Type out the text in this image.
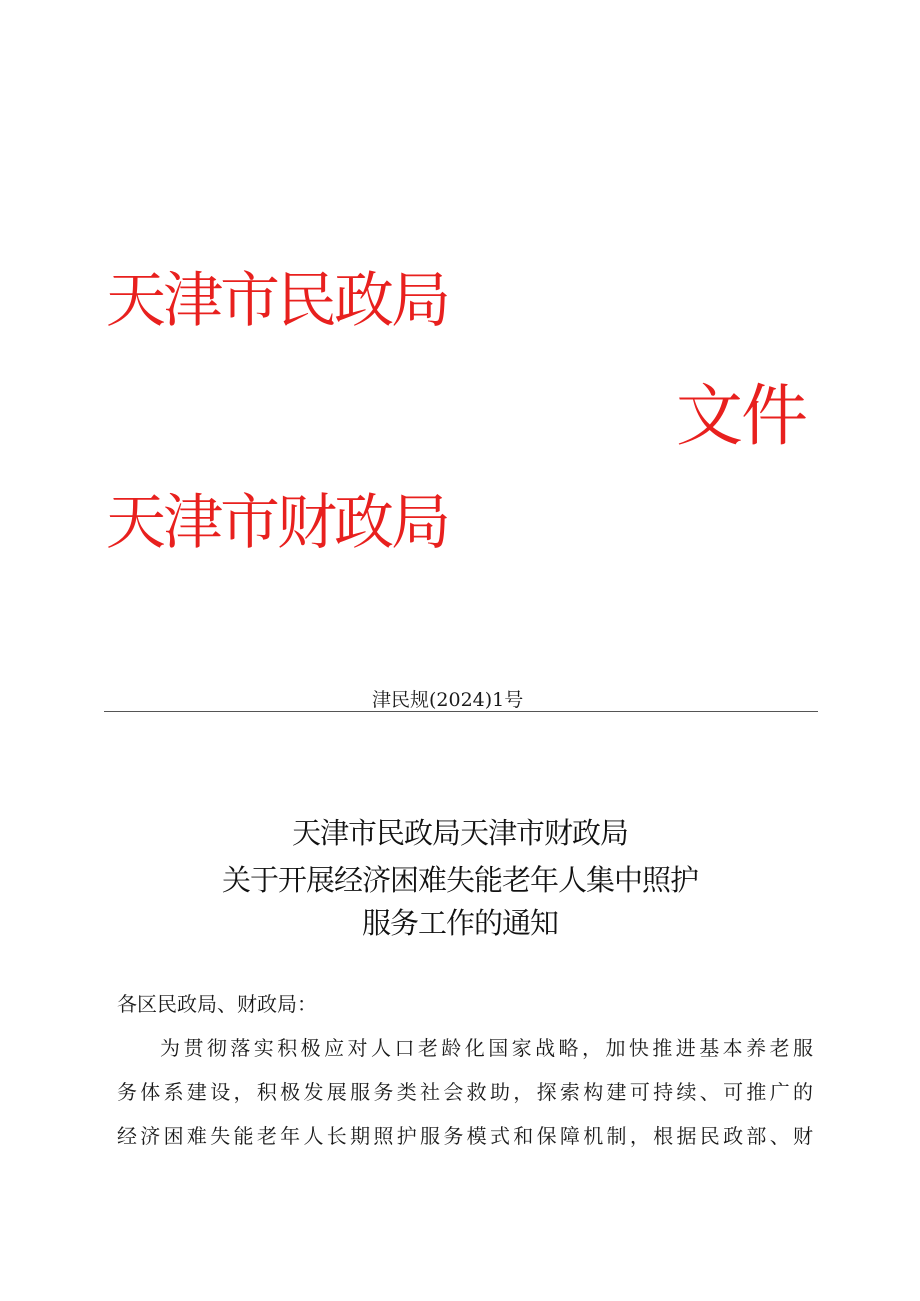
天津市民政局
文件
天津市财政局
津民规(2024)1号
天津市民政局天津市财政局
关于开展经济困难失能老年人集中照护
服务工作的通知
各区民政局、财政局：
为贯彻落实积极应对人口老龄化国家战略，加快推进基本养老服
务体系建设，积极发展服务类社会救助，探索构建可持续、可推广的
经济困难失能老年人长期照护服务模式和保障机制，根据民政部、财
